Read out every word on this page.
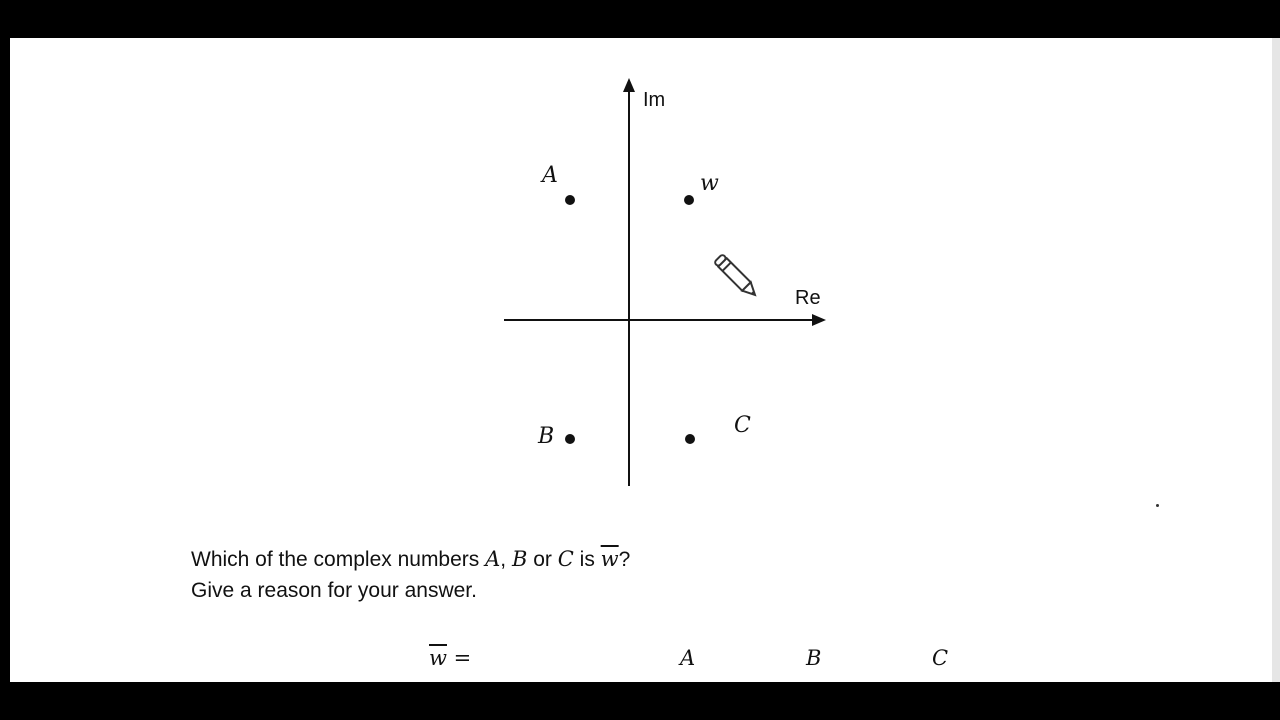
Im
Re
A	w
B	C
Which of the complex numbers A, B or C is $\overline{w}$?
Give a reason for your answer.
$\overline{w}$ =	A	B	C
